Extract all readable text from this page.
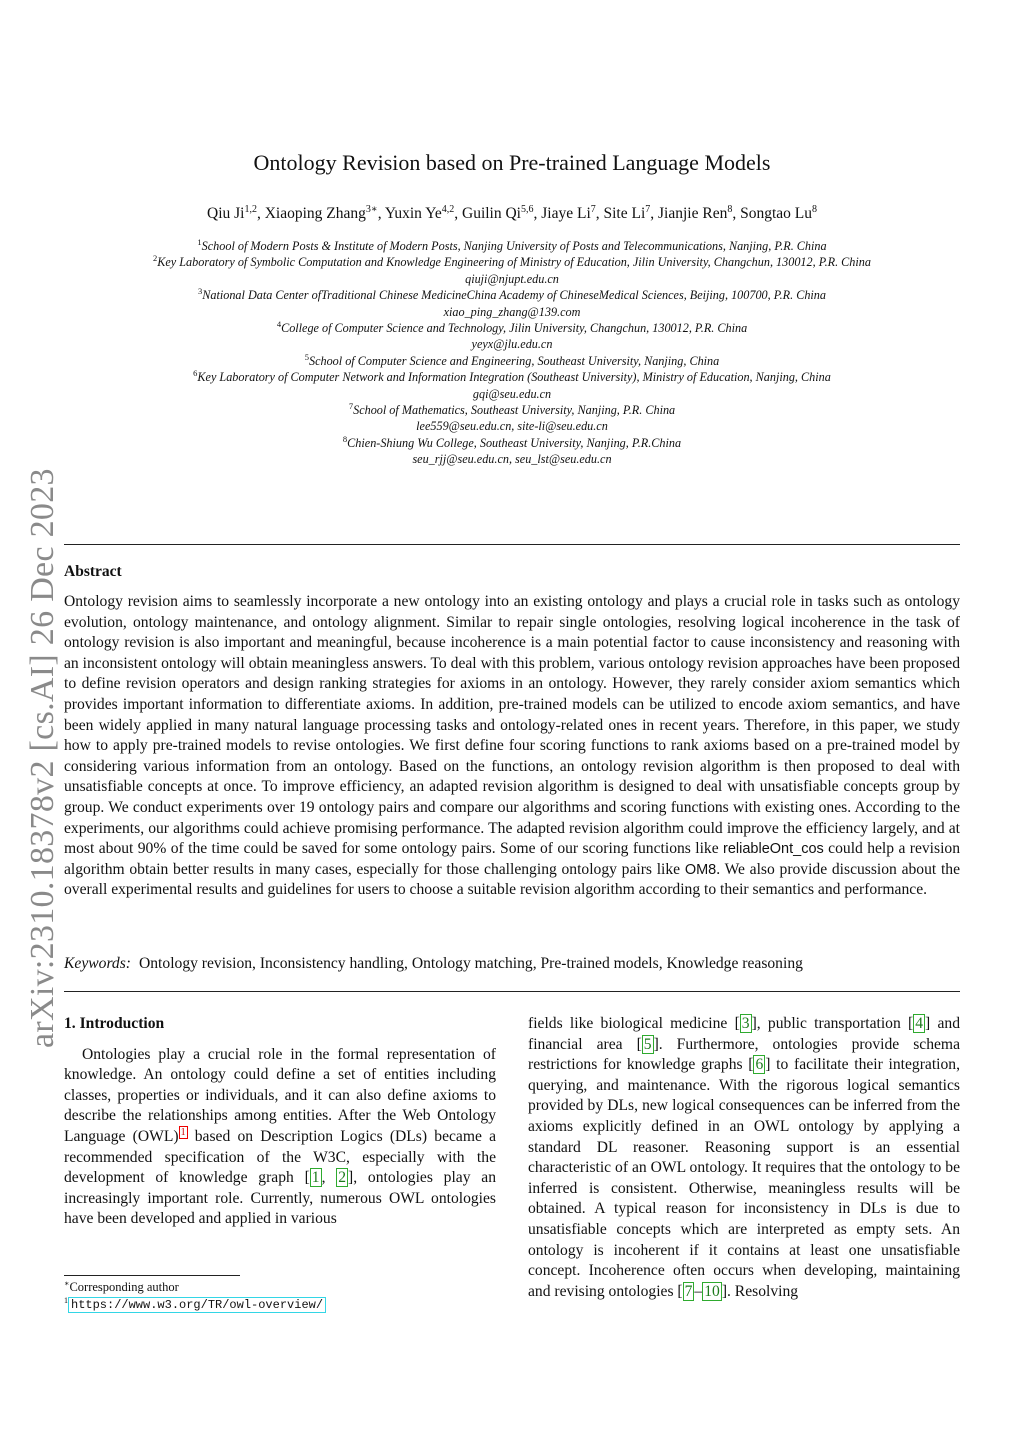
arXiv:2310.18378v2 [cs.AI] 26 Dec 2023
Ontology Revision based on Pre-trained Language Models
Qiu Ji$^{1,2}$, Xiaoping Zhang$^{3∗}$, Yuxin Ye$^{4,2}$, Guilin Qi$^{5,6}$, Jiaye Li$^7$, Site Li$^7$, Jianjie Ren$^8$, Songtao Lu$^8$
$^1$School of Modern Posts & Institute of Modern Posts, Nanjing University of Posts and Telecommunications, Nanjing, P.R. China
$^2$Key Laboratory of Symbolic Computation and Knowledge Engineering of Ministry of Education, Jilin University, Changchun, 130012, P.R. China
qiuji@njupt.edu.cn
$^3$National Data Center ofTraditional Chinese MedicineChina Academy of ChineseMedical Sciences, Beijing, 100700, P.R. China
xiao_ping_zhang@139.com
$^4$College of Computer Science and Technology, Jilin University, Changchun, 130012, P.R. China
yeyx@jlu.edu.cn
$^5$School of Computer Science and Engineering, Southeast University, Nanjing, China
$^6$Key Laboratory of Computer Network and Information Integration (Southeast University), Ministry of Education, Nanjing, China
gqi@seu.edu.cn
$^7$School of Mathematics, Southeast University, Nanjing, P.R. China
lee559@seu.edu.cn, site-li@seu.edu.cn
$^8$Chien-Shiung Wu College, Southeast University, Nanjing, P.R.China
seu_rjj@seu.edu.cn, seu_lst@seu.edu.cn
Abstract
Ontology revision aims to seamlessly incorporate a new ontology into an existing ontology and plays a crucial role in tasks such as ontology evolution, ontology maintenance, and ontology alignment. Similar to repair single ontologies, resolving logical incoherence in the task of ontology revision is also important and meaningful, because incoherence is a main potential factor to cause inconsistency and reasoning with an inconsistent ontology will obtain meaningless answers. To deal with this problem, various ontology revision approaches have been proposed to define revision operators and design ranking strategies for axioms in an ontology. However, they rarely consider axiom semantics which provides important information to differentiate axioms. In addition, pre-trained models can be utilized to encode axiom semantics, and have been widely applied in many natural language processing tasks and ontology-related ones in recent years. Therefore, in this paper, we study how to apply pre-trained models to revise ontologies. We first define four scoring functions to rank axioms based on a pre-trained model by considering various information from an ontology. Based on the functions, an ontology revision algorithm is then proposed to deal with unsatisfiable concepts at once. To improve efficiency, an adapted revision algorithm is designed to deal with unsatisfiable concepts group by group. We conduct experiments over 19 ontology pairs and compare our algorithms and scoring functions with existing ones. According to the experiments, our algorithms could achieve promising performance. The adapted revision algorithm could improve the efficiency largely, and at most about 90% of the time could be saved for some ontology pairs. Some of our scoring functions like reliableOnt_cos could help a revision algorithm obtain better results in many cases, especially for those challenging ontology pairs like OM8. We also provide discussion about the overall experimental results and guidelines for users to choose a suitable revision algorithm according to their semantics and performance.
Keywords: Ontology revision, Inconsistency handling, Ontology matching, Pre-trained models, Knowledge reasoning
1. Introduction
Ontologies play a crucial role in the formal representation of knowledge. An ontology could define a set of entities including classes, properties or individuals, and it can also define axioms to describe the relationships among entities. After the Web Ontology Language (OWL) $^1$ based on Description Logics (DLs) became a recommended specification of the W3C, especially with the development of knowledge graph [ 1 , 2 ], ontologies play an increasingly important role. Currently, numerous OWL ontologies have been developed and applied in various
fields like biological medicine [ 3 ], public transportation [ 4 ] and financial area [ 5 ]. Furthermore, ontologies provide schema restrictions for knowledge graphs [ 6 ] to facilitate their integration, querying, and maintenance. With the rigorous logical semantics provided by DLs, new logical consequences can be inferred from the axioms explicitly defined in an OWL ontology by applying a standard DL reasoner. Reasoning support is an essential characteristic of an OWL ontology. It requires that the ontology to be inferred is consistent. Otherwise, meaningless results will be obtained. A typical reason for inconsistency in DLs is due to unsatisfiable concepts which are interpreted as empty sets. An ontology is incoherent if it contains at least one unsatisfiable concept. Incoherence often occurs when developing, maintaining and revising ontologies [ 7 – 10 ]. Resolving
∗Corresponding author
$^1$ https://www.w3.org/TR/owl-overview/
